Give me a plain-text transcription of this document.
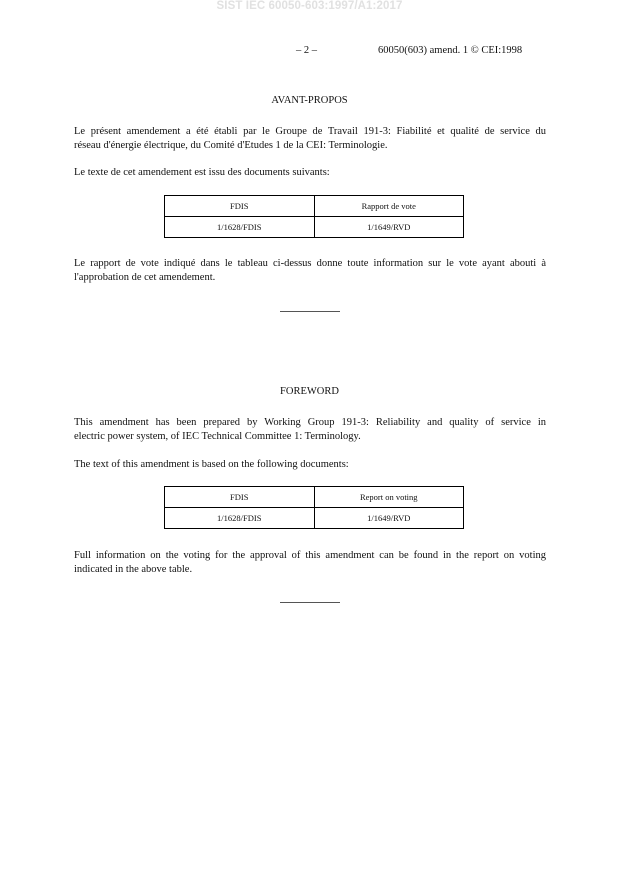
SIST IEC 60050-603:1997/A1:2017
– 2 –	60050(603) amend. 1 © CEI:1998
AVANT-PROPOS

Le présent amendement a été établi par le Groupe de Travail 191-3: Fiabilité et qualité de service du
réseau d'énergie électrique, du Comité d'Etudes 1 de la CEI: Terminologie.

Le texte de cet amendement est issu des documents suivants:

FDIS	Rapport de vote
1/1628/FDIS	1/1649/RVD

Le rapport de vote indiqué dans le tableau ci-dessus donne toute information sur le vote ayant abouti à
l'approbation de cet amendement.

FOREWORD

This amendment has been prepared by Working Group 191-3: Reliability and quality of service in
electric power system, of IEC Technical Committee 1: Terminology.

The text of this amendment is based on the following documents:

FDIS	Report on voting
1/1628/FDIS	1/1649/RVD

Full information on the voting for the approval of this amendment can be found in the report on voting
indicated in the above table.
